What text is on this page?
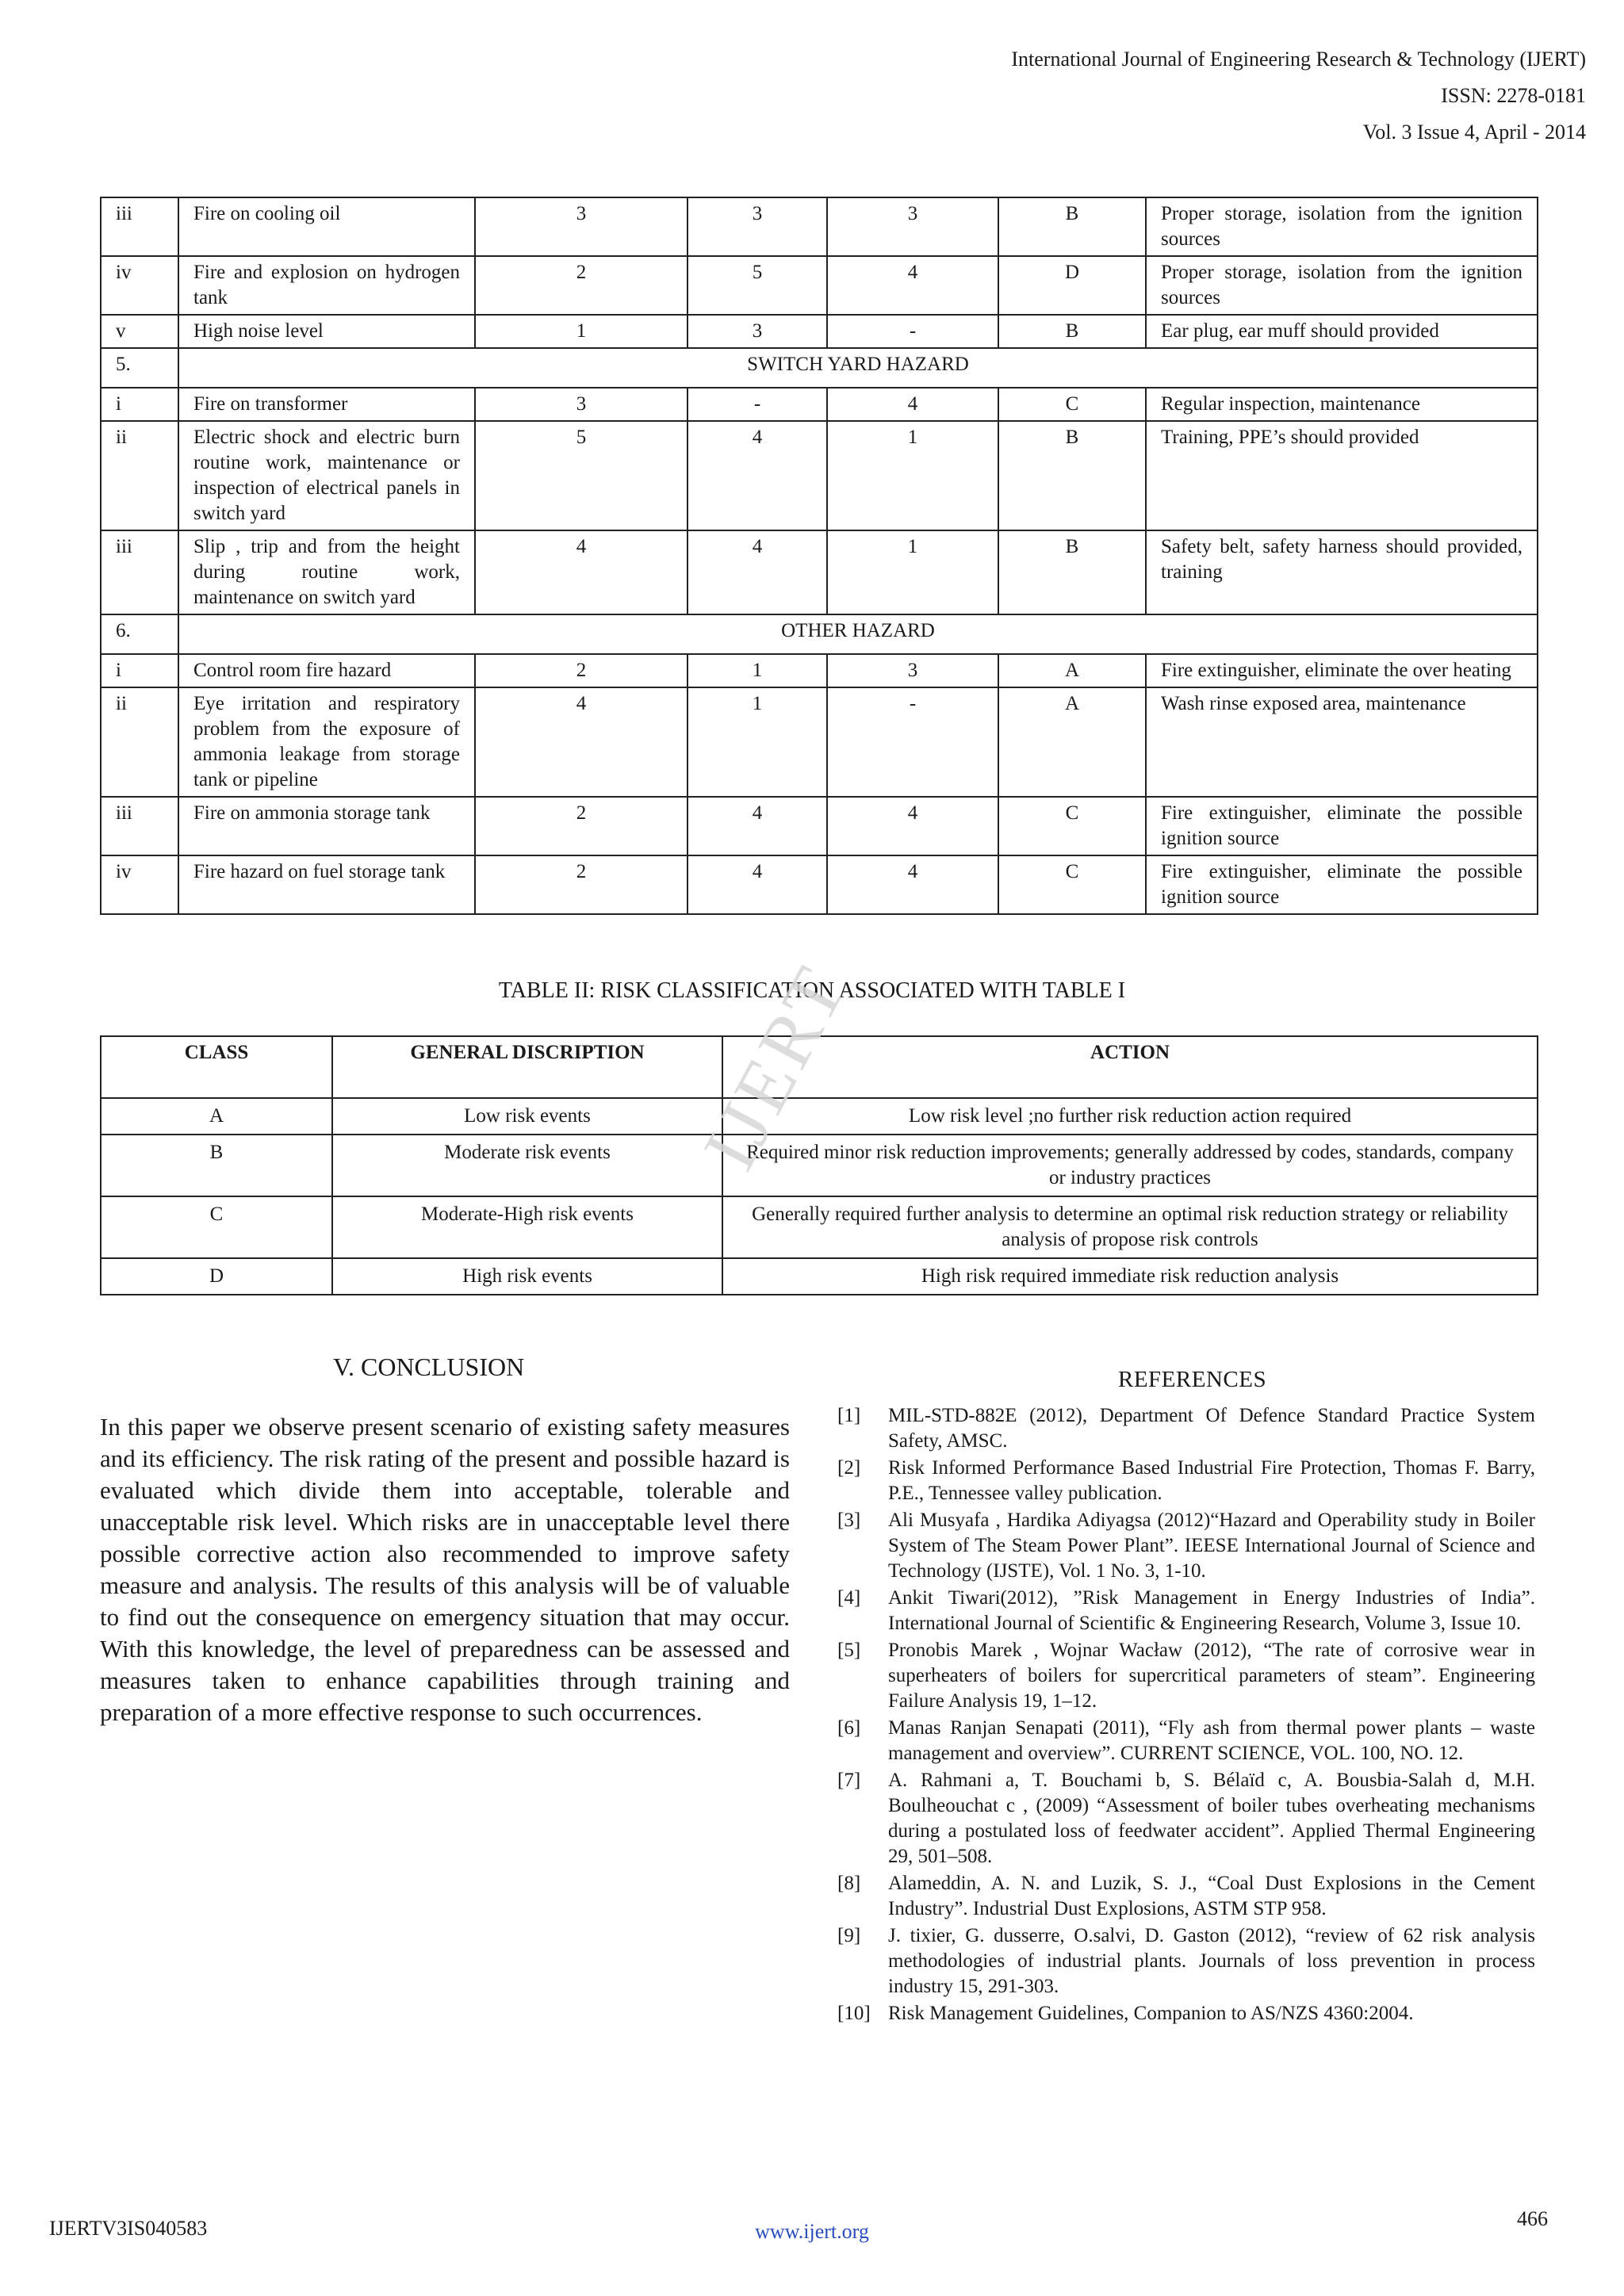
International Journal of Engineering Research & Technology (IJERT)
ISSN: 2278-0181
Vol. 3 Issue 4, April - 2014
iii	Fire on cooling oil	3	3	3	B	Proper storage, isolation from the ignition sources
iv	Fire and explosion on hydrogen tank	2	5	4	D	Proper storage, isolation from the ignition sources
v	High noise level	1	3	-	B	Ear plug, ear muff should provided
5.	SWITCH YARD HAZARD					
i	Fire on transformer	3	-	4	C	Regular inspection, maintenance
ii	Electric shock and electric burn routine work, maintenance or inspection of electrical panels in switch yard	5	4	1	B	Training, PPE’s should provided
iii	Slip , trip and from the height during routine work, maintenance on switch yard	4	4	1	B	Safety belt, safety harness should provided, training
6.	OTHER HAZARD					
i	Control room fire hazard	2	1	3	A	Fire extinguisher, eliminate the over heating
ii	Eye irritation and respiratory problem from the exposure of ammonia leakage from storage tank or pipeline	4	1	-	A	Wash rinse exposed area, maintenance
iii	Fire on ammonia storage tank	2	4	4	C	Fire extinguisher, eliminate the possible ignition source
iv	Fire hazard on fuel storage tank	2	4	4	C	Fire extinguisher, eliminate the possible ignition source
TABLE II: RISK CLASSIFICATION ASSOCIATED WITH TABLE I
CLASS	GENERAL DISCRIPTION	ACTION
A	Low risk events	Low risk level ;no further risk reduction action required
B	Moderate risk events	Required minor risk reduction improvements; generally addressed by codes, standards, company or industry practices
C	Moderate-High risk events	Generally required further analysis to determine an optimal risk reduction strategy or reliability analysis of propose risk controls
D	High risk events	High risk required immediate risk reduction analysis
IJERT
V. CONCLUSION
In this paper we observe present scenario of existing safety measures and its efficiency. The risk rating of the present and possible hazard is evaluated which divide them into acceptable, tolerable and unacceptable risk level. Which risks are in unacceptable level there possible corrective action also recommended to improve safety measure and analysis. The results of this analysis will be of valuable to find out the consequence on emergency situation that may occur. With this knowledge, the level of preparedness can be assessed and measures taken to enhance capabilities through training and preparation of a more effective response to such occurrences.
REFERENCES
[1]	MIL-STD-882E (2012), Department Of Defence Standard Practice System Safety, AMSC.
[2]	Risk Informed Performance Based Industrial Fire Protection, Thomas F. Barry, P.E., Tennessee valley publication.
[3]	Ali Musyafa , Hardika Adiyagsa (2012)“Hazard and Operability study in Boiler System of The Steam Power Plant”. IEESE International Journal of Science and Technology (IJSTE), Vol. 1 No. 3, 1-10.
[4]	Ankit Tiwari(2012), ”Risk Management in Energy Industries of India”. International Journal of Scientific & Engineering Research, Volume 3, Issue 10.
[5]	Pronobis Marek , Wojnar Wacław (2012), “The rate of corrosive wear in superheaters of boilers for supercritical parameters of steam”. Engineering Failure Analysis 19, 1–12.
[6]	Manas Ranjan Senapati (2011), “Fly ash from thermal power plants – waste management and overview”. CURRENT SCIENCE, VOL. 100, NO. 12.
[7]	A. Rahmani a, T. Bouchami b, S. Bélaïd c, A. Bousbia-Salah d, M.H. Boulheouchat c , (2009) “Assessment of boiler tubes overheating mechanisms during a postulated loss of feedwater accident”. Applied Thermal Engineering 29, 501–508.
[8]	Alameddin, A. N. and Luzik, S. J., “Coal Dust Explosions in the Cement Industry”. Industrial Dust Explosions, ASTM STP 958.
[9]	J. tixier, G. dusserre, O.salvi, D. Gaston (2012), “review of 62 risk analysis methodologies of industrial plants. Journals of loss prevention in process industry 15, 291-303.
[10] Risk Management Guidelines, Companion to AS/NZS 4360:2004.
IJERTV3IS040583	www.ijert.org
466
